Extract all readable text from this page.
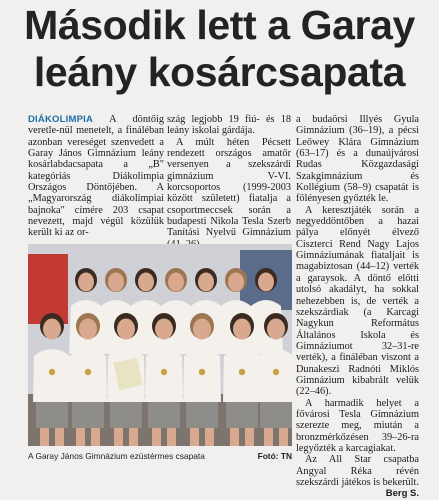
Második lett a Garay
leány kosárcsapata

DIÁKOLIMPIA A döntőig veretle-nül menetelt, a fináléban azonban vereséget szenvedett a Garay János Gimnázium leány kosárlabdacsapata a „B" kategóriás Diákolimpia Országos Döntőjében. A „Magyarország diákolimpiai bajnoka" címére 203 csapat nevezett, majd végül közülük került ki az or-

szág legjobb 19 fiú- és 18 leány iskolai gárdája.

A múlt héten Pécsett rendezett országos amatőr versenyen a szekszárdi gimnázium V-VI. korcsoportos (1999-2003 között született) fiatalja a csoportmeccsek során a budapesti Nikola Tesla Szerb Tanítási Nyelvű Gimnázium

a budaörsi Illyés Gyula Gimnázium (36–19), a pécsi Leőwey Klára Gimnázium (63–17) és a dunaújvárosi Rudas Közgazdasági Szakgimnázium és Kollégium (58–9) csapatát is fölényesen győzték le.

A keresztjáték során a negyeddöntőben a hazai pálya előnyét élvező Ciszterci Rend Nagy Lajos Gimnáziumának fiataljait is magabiztosan (44–12) verték a garaysok. A döntő előtti utolsó akadályt, ha sokkal nehezebben is, de verték a szekszárdiak (a Karcagi Nagykun Református Általános Iskola és Gimnáziumot 32–31-re verték), a fináléban viszont a Dunakeszi Radnóti Miklós Gimnázium kibabrált velük (22–46).

A harmadik helyet a fővárosi Tesla Gimnázium szerezte meg, miután a bronzmérkőzésen 39–26-ra legyőzték a karcagiakat.

Az All Star csapatba Angyal Réka révén szekszárdi játékos is bekerült.
Berg S.

A Garay János Gimnázium ezüstérmes csapata	Fotó: TN
